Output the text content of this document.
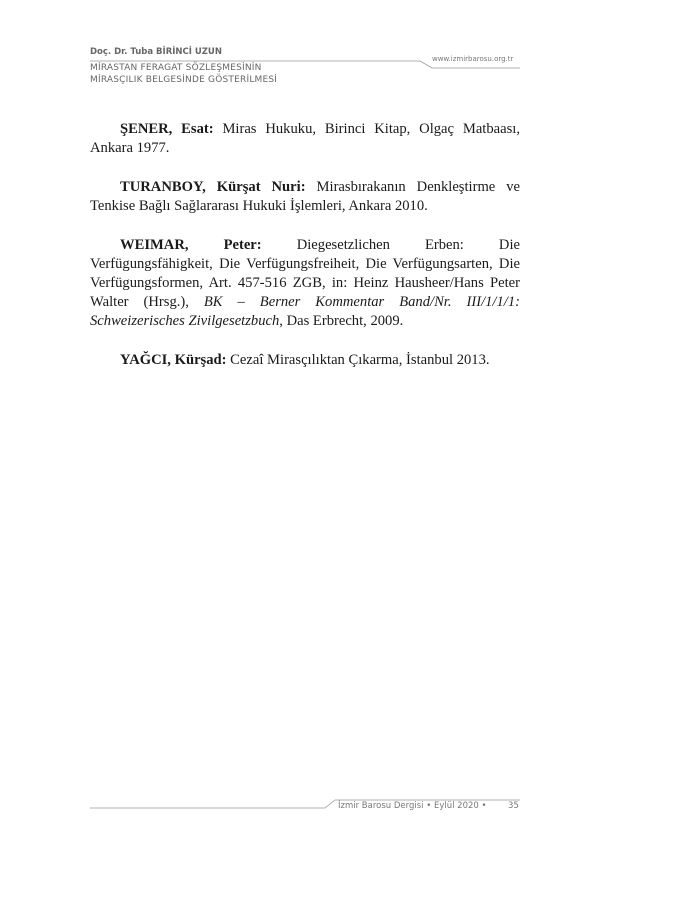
Doç. Dr. Tuba BİRİNCİ UZUN
MİRASTAN FERAGAT SÖZLEŞMESİNİN
MİRASÇILIK BELGESİNDE GÖSTERİLMESİ
www.izmirbarosu.org.tr

ŞENER, Esat: Miras Hukuku, Birinci Kitap, Olgaç Matbaası, Ankara 1977.

TURANBOY, Kürşat Nuri: Mirasbırakanın Denkleştirme ve Tenkise Bağlı Sağlararası Hukuki İşlemleri, Ankara 2010.

WEIMAR, Peter: Diegesetzlichen Erben: Die Verfügungsfähigkeit, Die Verfügungsfreiheit, Die Verfügungsarten, Die Verfügungsformen, Art. 457-516 ZGB, in: Heinz Hausheer/Hans Peter Walter (Hrsg.), BK – Berner Kommentar Band/Nr. III/1/1/1: Schweizerisches Zivilgesetzbuch, Das Erbrecht, 2009.

YAĞCI, Kürşad: Cezaî Mirasçılıktan Çıkarma, İstanbul 2013.

İzmir Barosu Dergisi • Eylül 2020 •	35
